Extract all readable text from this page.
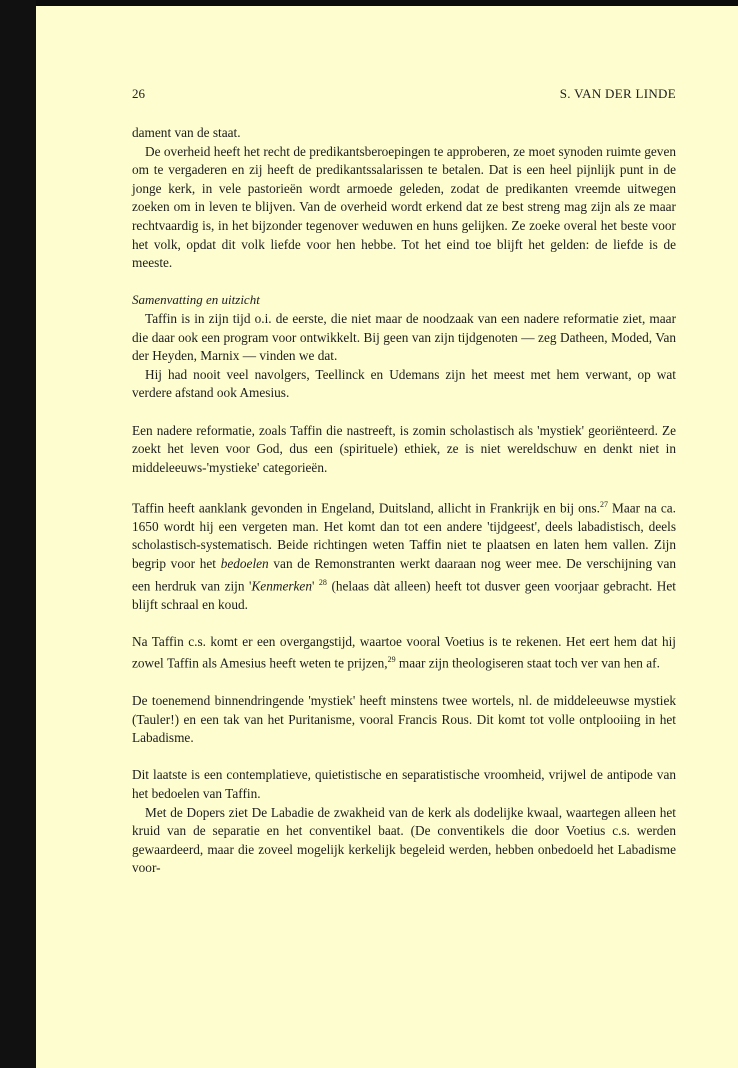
26	S. VAN DER LINDE

dament van de staat.

De overheid heeft het recht de predikantsberoepingen te approberen, ze moet synoden ruimte geven om te vergaderen en zij heeft de predikantssalarissen te betalen. Dat is een heel pijnlijk punt in de jonge kerk, in vele pastorieën wordt armoede geleden, zodat de predikanten vreemde uitwegen zoeken om in leven te blijven. Van de overheid wordt erkend dat ze best streng mag zijn als ze maar rechtvaardig is, in het bijzonder tegenover weduwen en huns gelijken. Ze zoeke overal het beste voor het volk, opdat dit volk liefde voor hen hebbe. Tot het eind toe blijft het gelden: de liefde is de meeste.

Samenvatting en uitzicht

Taffin is in zijn tijd o.i. de eerste, die niet maar de noodzaak van een nadere reformatie ziet, maar die daar ook een program voor ontwikkelt. Bij geen van zijn tijdgenoten — zeg Datheen, Moded, Van der Heyden, Marnix — vinden we dat.

Hij had nooit veel navolgers, Teellinck en Udemans zijn het meest met hem verwant, op wat verdere afstand ook Amesius.

Een nadere reformatie, zoals Taffin die nastreeft, is zomin scholastisch als 'mystiek' georiënteerd. Ze zoekt het leven voor God, dus een (spirituele) ethiek, ze is niet wereldschuw en denkt niet in middeleeuws-'mystieke' categorieën.

Taffin heeft aanklank gevonden in Engeland, Duitsland, allicht in Frankrijk en bij ons.$^{27}$ Maar na ca. 1650 wordt hij een vergeten man. Het komt dan tot een andere 'tijdgeest', deels labadistisch, deels scholastisch-systematisch. Beide richtingen weten Taffin niet te plaatsen en laten hem vallen. Zijn begrip voor het bedoelen van de Remonstranten werkt daaraan nog weer mee. De verschijning van een herdruk van zijn 'Kenmerken' $^{28}$ (helaas dàt alleen) heeft tot dusver geen voorjaar gebracht. Het blijft schraal en koud.

Na Taffin c.s. komt er een overgangstijd, waartoe vooral Voetius is te rekenen. Het eert hem dat hij zowel Taffin als Amesius heeft weten te prijzen,$^{29}$ maar zijn theologiseren staat toch ver van hen af.

De toenemend binnendringende 'mystiek' heeft minstens twee wortels, nl. de middeleeuwse mystiek (Tauler!) en een tak van het Puritanisme, vooral Francis Rous. Dit komt tot volle ontplooiing in het Labadisme.

Dit laatste is een contemplatieve, quietistische en separatistische vroomheid, vrijwel de antipode van het bedoelen van Taffin.

Met de Dopers ziet De Labadie de zwakheid van de kerk als dodelijke kwaal, waartegen alleen het kruid van de separatie en het conventikel baat. (De conventikels die door Voetius c.s. werden gewaardeerd, maar die zoveel mogelijk kerkelijk begeleid werden, hebben onbedoeld het Labadisme voor-
